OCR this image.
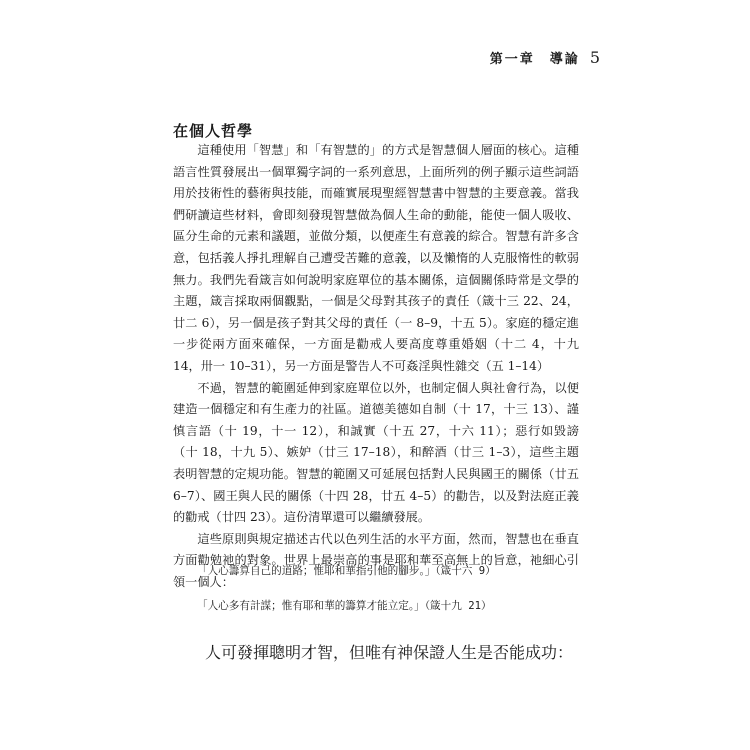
第一章　導論 5
在個人哲學

這種使用「智慧」和「有智慧的」的方式是智慧個人層面的核心。這種語言性質發展出一個單獨字詞的一系列意思，上面所列的例子顯示這些詞語用於技術性的藝術與技能，而確實展現聖經智慧書中智慧的主要意義。當我們研讀這些材料，會即刻發現智慧做為個人生命的動能，能使一個人吸收、區分生命的元素和議題，並做分類，以便產生有意義的綜合。智慧有許多含意，包括義人掙扎理解自己遭受苦難的意義，以及懶惰的人克服惰性的軟弱無力。我們先看箴言如何說明家庭單位的基本關係，這個關係時常是文學的主題，箴言採取兩個觀點，一個是父母對其孩子的責任（箴十三 22、24，廿二 6），另一個是孩子對其父母的責任（一 8–9，十五 5）。家庭的穩定進一步從兩方面來確保，一方面是勸戒人要高度尊重婚姻（十二 4，十九 14，卅一 10–31），另一方面是警告人不可姦淫與性雜交（五 1–14）

不過，智慧的範圍延伸到家庭單位以外，也制定個人與社會行為，以便建造一個穩定和有生產力的社區。道德美德如自制（十 17，十三 13）、謹慎言語（十 19，十一 12），和誠實（十五 27，十六 11）；惡行如毀謗（十 18，十九 5）、嫉妒（廿三 17–18），和醉酒（廿三 1–3），這些主題表明智慧的定規功能。智慧的範圍又可延展包括對人民與國王的關係（廿五 6–7）、國王與人民的關係（十四 28，廿五 4–5）的勸告，以及對法庭正義的勸戒（廿四 23）。這份清單還可以繼續發展。

這些原則與規定描述古代以色列生活的水平方面，然而，智慧也在垂直方面勸勉祂的對象。世界上最崇高的事是耶和華至高無上的旨意，祂細心引領一個人：

「人心籌算自己的道路；惟耶和華指引他的腳步。」（箴十六 9）

「人心多有計謀；惟有耶和華的籌算才能立定。」（箴十九 21）

人可發揮聰明才智，但唯有神保證人生是否能成功：
